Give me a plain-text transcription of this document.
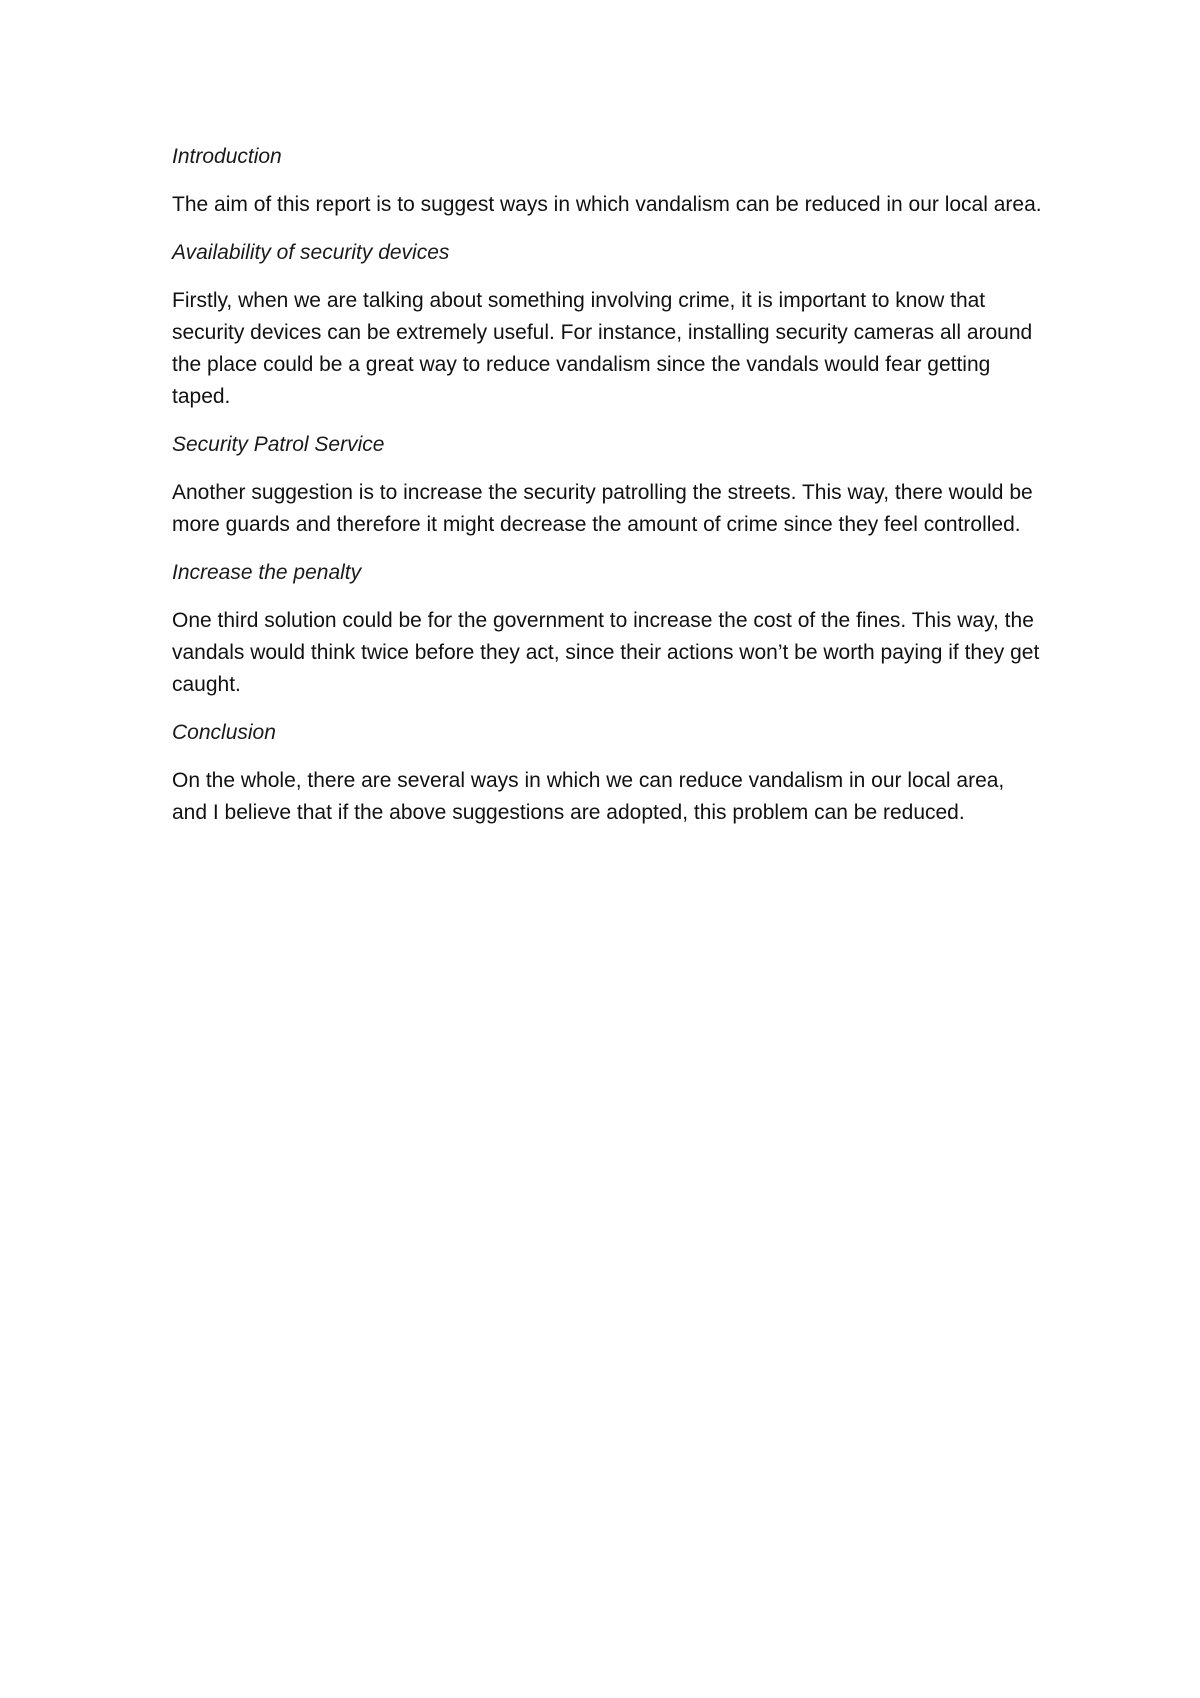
Introduction
The aim of this report is to suggest ways in which vandalism can be reduced in our local area.
Availability of security devices
Firstly, when we are talking about something involving crime, it is important to know that security devices can be extremely useful. For instance, installing security cameras all around the place could be a great way to reduce vandalism since the vandals would fear getting taped.
Security Patrol Service
Another suggestion is to increase the security patrolling the streets. This way, there would be more guards and therefore it might decrease the amount of crime since they feel controlled.
Increase the penalty
One third solution could be for the government to increase the cost of the fines. This way, the vandals would think twice before they act, since their actions won’t be worth paying if they get caught.
Conclusion
On the whole, there are several ways in which we can reduce vandalism in our local area, and I believe that if the above suggestions are adopted, this problem can be reduced.
